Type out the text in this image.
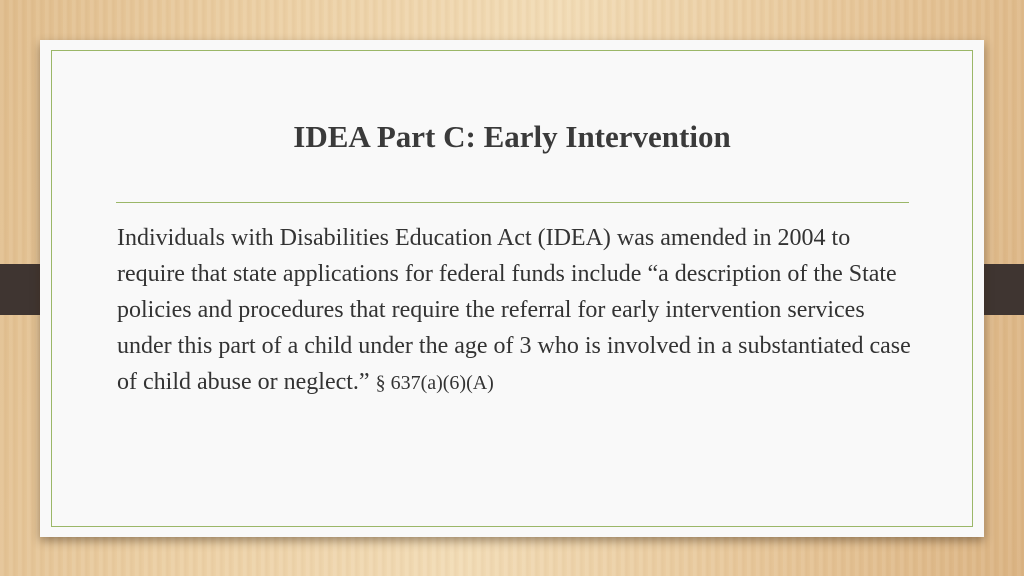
IDEA Part C: Early Intervention

Individuals with Disabilities Education Act (IDEA) was amended in 2004 to require that state applications for federal funds include “a description of the State policies and procedures that require the referral for early intervention services under this part of a child under the age of 3 who is involved in a substantiated case of child abuse or neglect.” § 637(a)(6)(A)
